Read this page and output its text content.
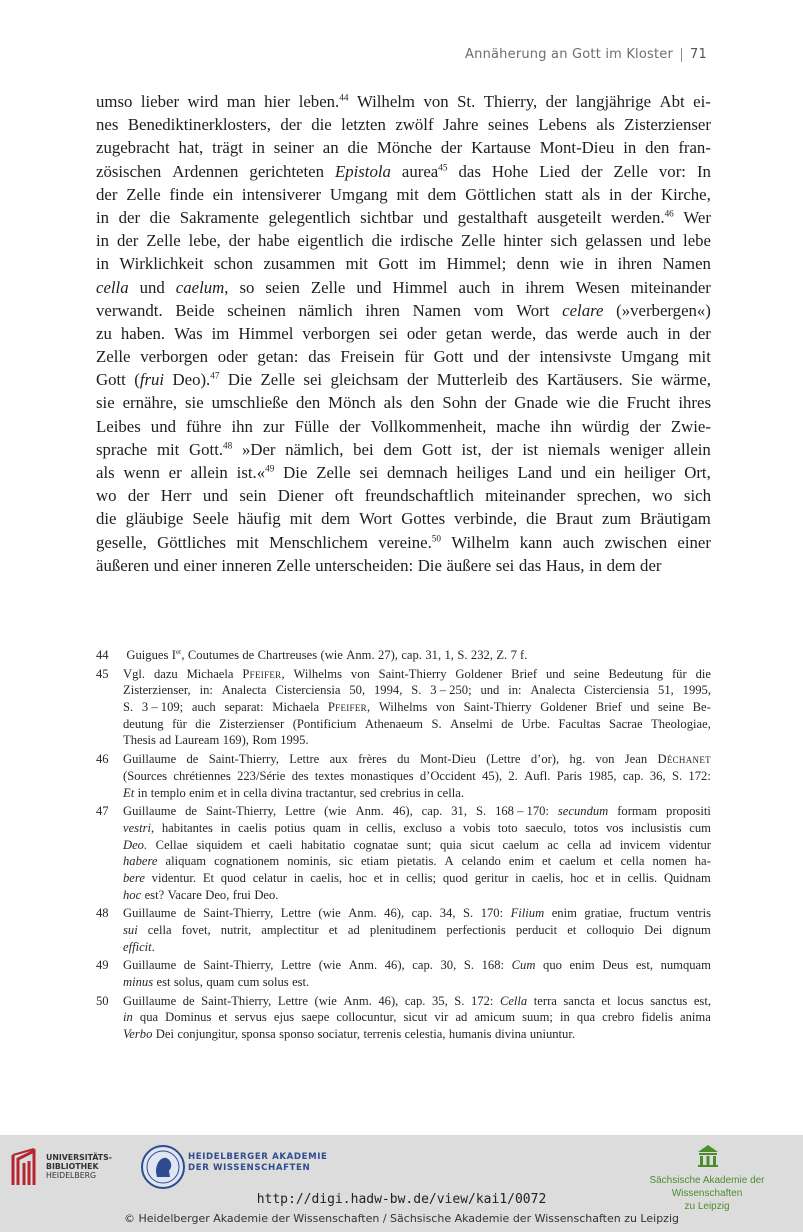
Annäherung an Gott im Kloster 71
umso lieber wird man hier leben.$^{44}$ Wilhelm von St. Thierry, der langjährige Abt ei-
nes Benediktinerklosters, der die letzten zwölf Jahre seines Lebens als Zisterzienser
zugebracht hat, trägt in seiner an die Mönche der Kartause Mont-Dieu in den fran-
zösischen Ardennen gerichteten Epistola aurea$^{45}$ das Hohe Lied der Zelle vor: In
der Zelle finde ein intensiverer Umgang mit dem Göttlichen statt als in der Kirche,
in der die Sakramente gelegentlich sichtbar und gestalthaft ausgeteilt werden.$^{46}$ Wer
in der Zelle lebe, der habe eigentlich die irdische Zelle hinter sich gelassen und lebe
in Wirklichkeit schon zusammen mit Gott im Himmel; denn wie in ihren Namen
cella und caelum, so seien Zelle und Himmel auch in ihrem Wesen miteinander
verwandt. Beide scheinen nämlich ihren Namen vom Wort celare (»verbergen«)
zu haben. Was im Himmel verborgen sei oder getan werde, das werde auch in der
Zelle verborgen oder getan: das Freisein für Gott und der intensivste Umgang mit
Gott (frui Deo).$^{47}$ Die Zelle sei gleichsam der Mutterleib des Kartäusers. Sie wärme,
sie ernähre, sie umschließe den Mönch als den Sohn der Gnade wie die Frucht ihres
Leibes und führe ihn zur Fülle der Vollkommenheit, mache ihn würdig der Zwie-
sprache mit Gott.$^{48}$ »Der nämlich, bei dem Gott ist, der ist niemals weniger allein
als wenn er allein ist.«$^{49}$ Die Zelle sei demnach heiliges Land und ein heiliger Ort,
wo der Herr und sein Diener oft freundschaftlich miteinander sprechen, wo sich
die gläubige Seele häufig mit dem Wort Gottes verbinde, die Braut zum Bräutigam
geselle, Göttliches mit Menschlichem vereine.$^{50}$ Wilhelm kann auch zwischen einer
äußeren und einer inneren Zelle unterscheiden: Die äußere sei das Haus, in dem der
44	Guigues Ier, Coutumes de Chartreuses (wie Anm. 27), cap. 31, 1, S. 232, Z. 7 f.
45	Vgl. dazu Michaela Pfeifer, Wilhelms von Saint-Thierry Goldener Brief und seine Bedeutung für die
Zisterzienser, in: Analecta Cisterciensia 50, 1994, S. 3 – 250; und in: Analecta Cisterciensia 51, 1995,
S. 3 – 109; auch separat: Michaela Pfeifer, Wilhelms von Saint-Thierry Goldener Brief und seine Be-
deutung für die Zisterzienser (Pontificium Athenaeum S. Anselmi de Urbe. Facultas Sacrae Theologiae,
Thesis ad Lauream 169), Rom 1995.
46	Guillaume de Saint-Thierry, Lettre aux frères du Mont-Dieu (Lettre d’or), hg. von Jean Déchanet
(Sources chrétiennes 223/Série des textes monastiques d’Occident 45), 2. Aufl. Paris 1985, cap. 36, S. 172:
Et in templo enim et in cella divina tractantur, sed crebrius in cella.
47	Guillaume de Saint-Thierry, Lettre (wie Anm. 46), cap. 31, S. 168 – 170: secundum formam propositi
vestri, habitantes in caelis potius quam in cellis, excluso a vobis toto saeculo, totos vos inclusistis cum
Deo. Cellae siquidem et caeli habitatio cognatae sunt; quia sicut caelum ac cella ad invicem videntur
habere aliquam cognationem nominis, sic etiam pietatis. A celando enim et caelum et cella nomen ha-
bere videntur. Et quod celatur in caelis, hoc et in cellis; quod geritur in caelis, hoc et in cellis. Quidnam
hoc est? Vacare Deo, frui Deo.
48	Guillaume de Saint-Thierry, Lettre (wie Anm. 46), cap. 34, S. 170: Filium enim gratiae, fructum ventris
sui cella fovet, nutrit, amplectitur et ad plenitudinem perfectionis perducit et colloquio Dei dignum
efficit.
49	Guillaume de Saint-Thierry, Lettre (wie Anm. 46), cap. 30, S. 168: Cum quo enim Deus est, numquam
minus est solus, quam cum solus est.
50	Guillaume de Saint-Thierry, Lettre (wie Anm. 46), cap. 35, S. 172: Cella terra sancta et locus sanctus est,
in qua Dominus et servus ejus saepe collocuntur, sicut vir ad amicum suum; in qua crebro fidelis anima
Verbo Dei conjungitur, sponsa sponso sociatur, terrenis celestia, humanis divina uniuntur.
UNIVERSITÄTS-
BIBLIOTHEK
HEIDELBERG
HEIDELBERGER AKADEMIE
DER WISSENSCHAFTEN
Sächsische Akademie der Wissenschaften
zu Leipzig
http://digi.hadw-bw.de/view/kai1/0072
© Heidelberger Akademie der Wissenschaften / Sächsische Akademie der Wissenschaften zu Leipzig
